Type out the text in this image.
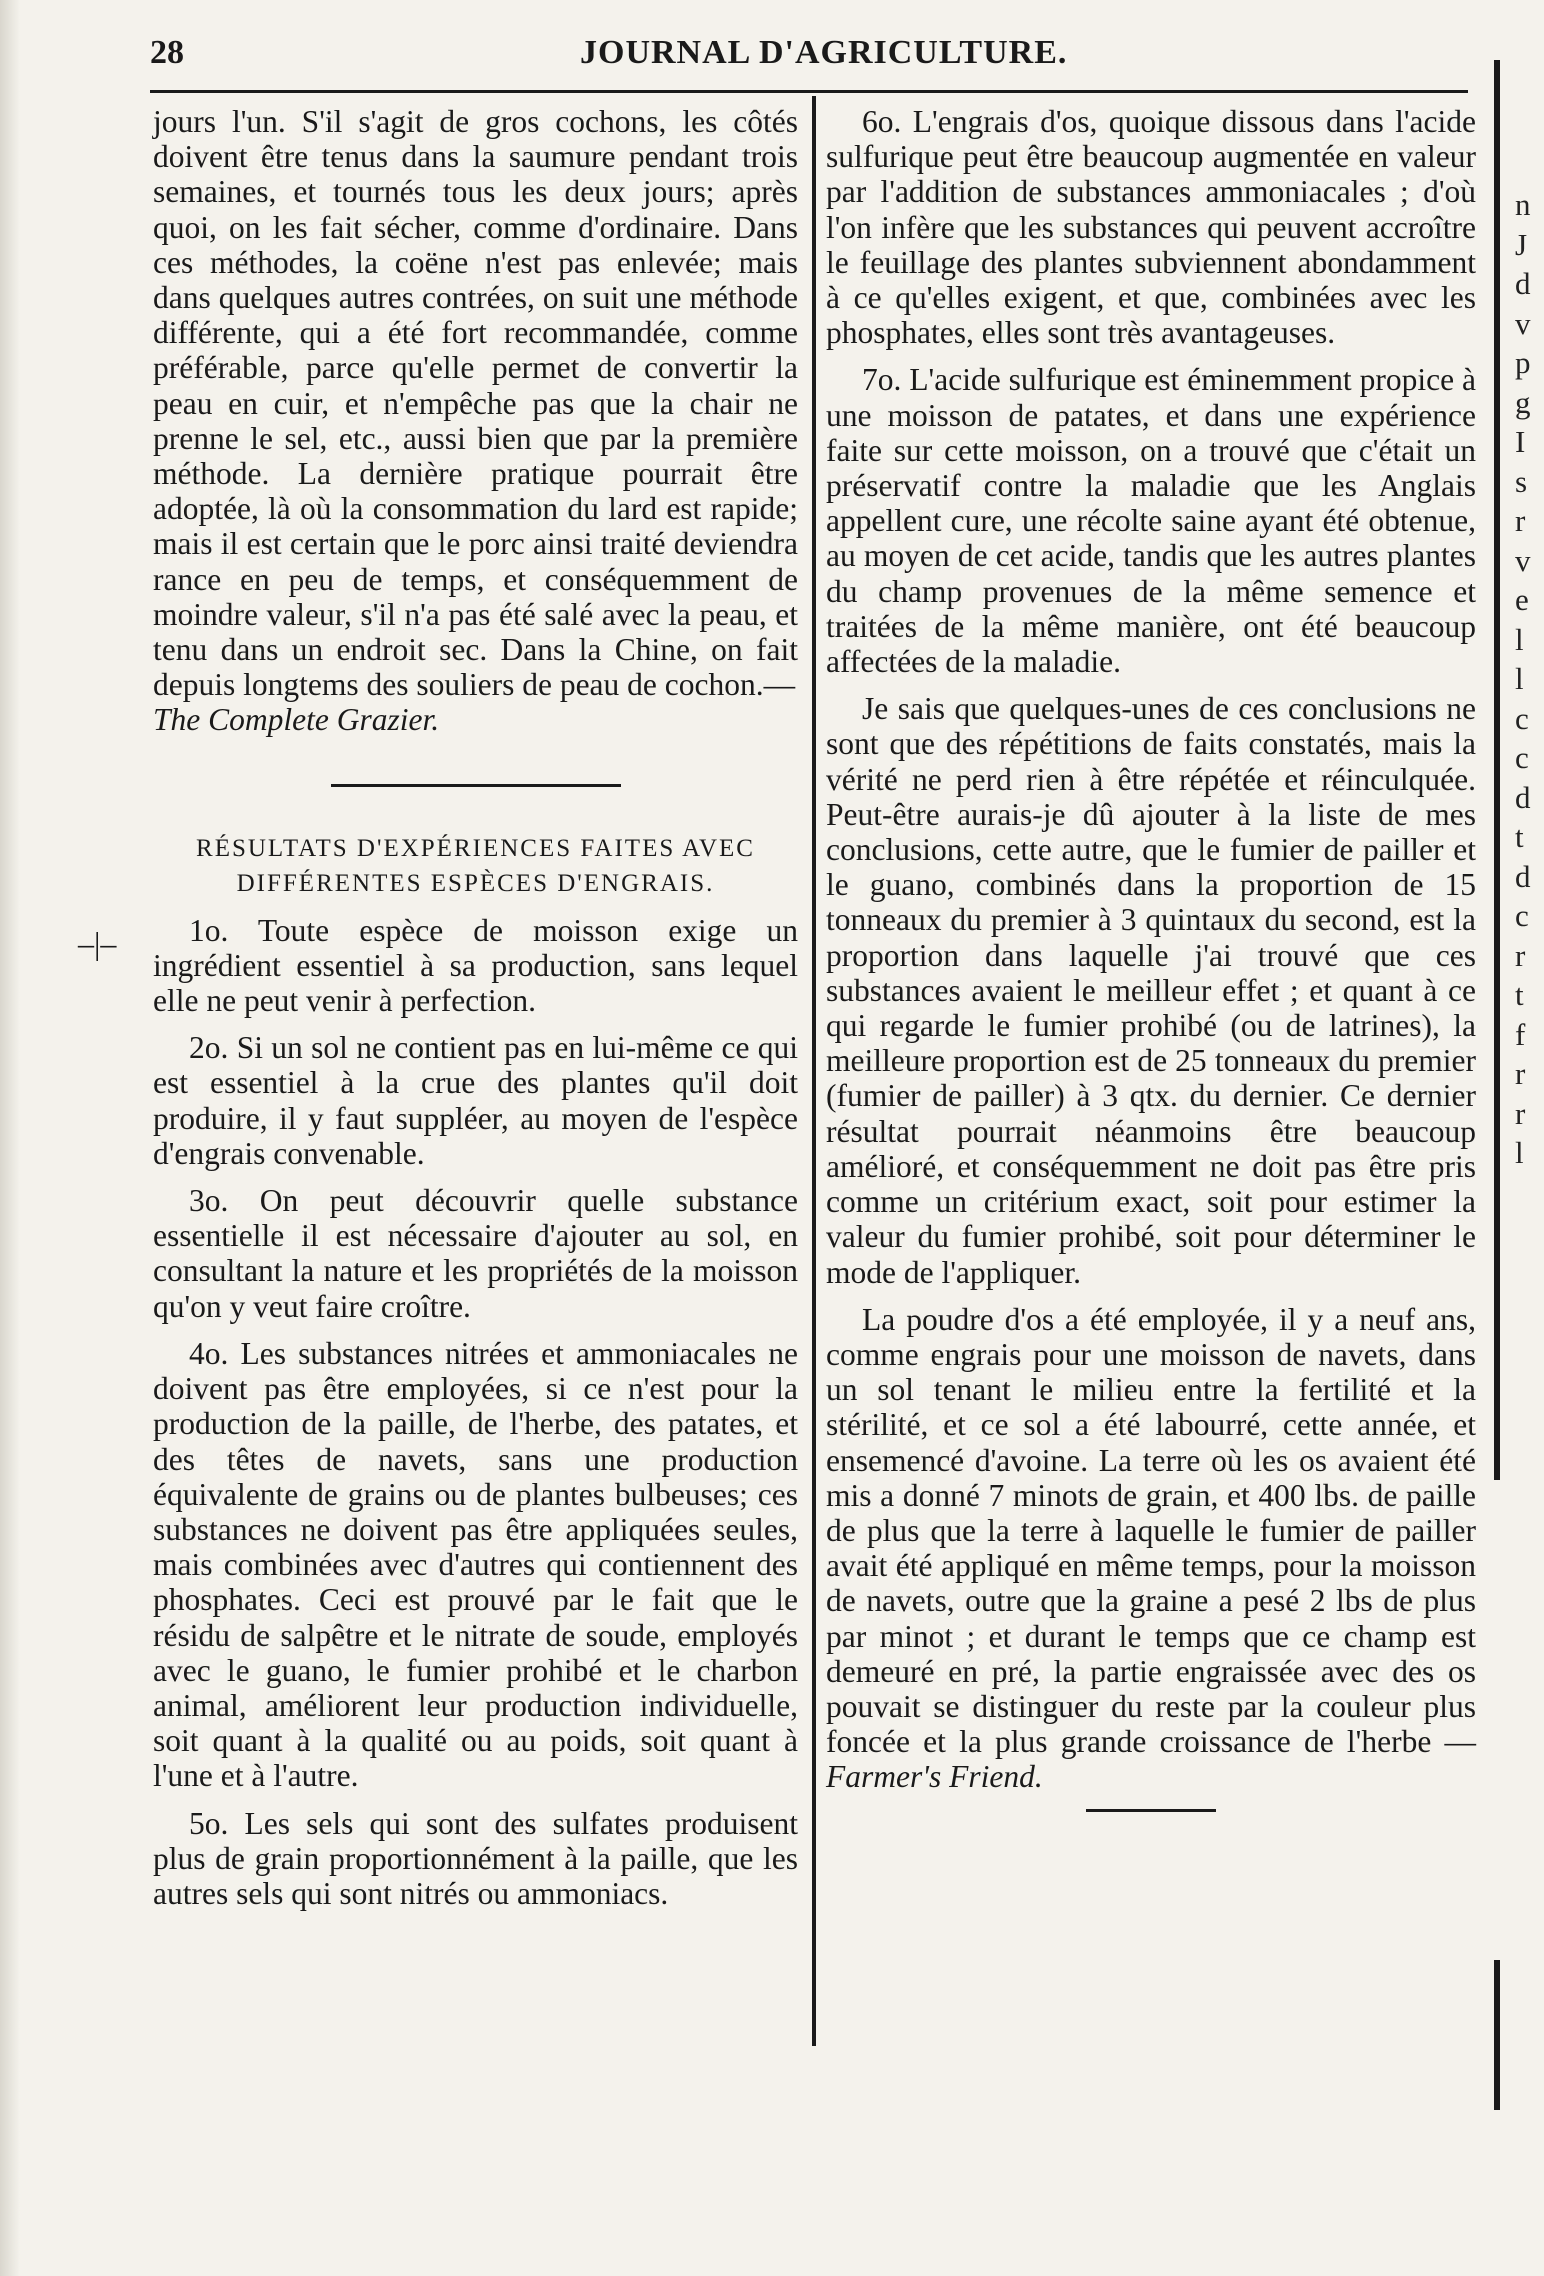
28	JOURNAL D'AGRICULTURE.
n
J
d
v
p
g
I
s
r
v
e
l
l
c
c
d
t
d
c
r
t
f
r
r
l
–|–

jours l'un. S'il s'agit de gros cochons, les côtés doivent être tenus dans la saumure pendant trois semaines, et tournés tous les deux jours; après quoi, on les fait sécher, comme d'ordinaire. Dans ces méthodes, la coëne n'est pas enlevée; mais dans quelques autres contrées, on suit une méthode différente, qui a été fort recommandée, comme préférable, parce qu'elle permet de convertir la peau en cuir, et n'empêche pas que la chair ne prenne le sel, etc., aussi bien que par la première méthode. La dernière pratique pourrait être adoptée, là où la consommation du lard est rapide; mais il est certain que le porc ainsi traité deviendra rance en peu de temps, et conséquemment de moindre valeur, s'il n'a pas été salé avec la peau, et tenu dans un endroit sec. Dans la Chine, on fait depuis longtems des souliers de peau de cochon.—
The Complete Grazier.

RÉSULTATS D'EXPÉRIENCES FAITES AVEC
DIFFÉRENTES ESPÈCES D'ENGRAIS.

1o. Toute espèce de moisson exige un ingrédient essentiel à sa production, sans lequel elle ne peut venir à perfection.

2o. Si un sol ne contient pas en lui-même ce qui est essentiel à la crue des plantes qu'il doit produire, il y faut suppléer, au moyen de l'espèce d'engrais convenable.

3o. On peut découvrir quelle substance essentielle il est nécessaire d'ajouter au sol, en consultant la nature et les propriétés de la moisson qu'on y veut faire croître.

4o. Les substances nitrées et ammoniacales ne doivent pas être employées, si ce n'est pour la production de la paille, de l'herbe, des patates, et des têtes de navets, sans une production équivalente de grains ou de plantes bulbeuses; ces substances ne doivent pas être appliquées seules, mais combinées avec d'autres qui contiennent des phosphates. Ceci est prouvé par le fait que le résidu de salpêtre et le nitrate de soude, employés avec le guano, le fumier prohibé et le charbon animal, améliorent leur production individuelle, soit quant à la qualité ou au poids, soit quant à l'une et à l'autre.

5o. Les sels qui sont des sulfates produisent plus de grain proportionnément à la paille, que les autres sels qui sont nitrés ou ammoniacs.

6o. L'engrais d'os, quoique dissous dans l'acide sulfurique peut être beaucoup augmentée en valeur par l'addition de substances ammoniacales ; d'où l'on infère que les substances qui peuvent accroître le feuillage des plantes subviennent abondamment à ce qu'elles exigent, et que, combinées avec les phosphates, elles sont très avantageuses.

7o. L'acide sulfurique est éminemment propice à une moisson de patates, et dans une expérience faite sur cette moisson, on a trouvé que c'était un préservatif contre la maladie que les Anglais appellent cure, une récolte saine ayant été obtenue, au moyen de cet acide, tandis que les autres plantes du champ provenues de la même semence et traitées de la même manière, ont été beaucoup affectées de la maladie.

Je sais que quelques-unes de ces conclusions ne sont que des répétitions de faits constatés, mais la vérité ne perd rien à être répétée et réinculquée. Peut-être aurais-je dû ajouter à la liste de mes conclusions, cette autre, que le fumier de pailler et le guano, combinés dans la proportion de 15 tonneaux du premier à 3 quintaux du second, est la proportion dans laquelle j'ai trouvé que ces substances avaient le meilleur effet ; et quant à ce qui regarde le fumier prohibé (ou de latrines), la meilleure proportion est de 25 tonneaux du premier (fumier de pailler) à 3 qtx. du dernier. Ce dernier résultat pourrait néanmoins être beaucoup amélioré, et conséquemment ne doit pas être pris comme un critérium exact, soit pour estimer la valeur du fumier prohibé, soit pour déterminer le mode de l'appliquer.

La poudre d'os a été employée, il y a neuf ans, comme engrais pour une moisson de navets, dans un sol tenant le milieu entre la fertilité et la stérilité, et ce sol a été labourré, cette année, et ensemencé d'avoine. La terre où les os avaient été mis a donné 7 minots de grain, et 400 lbs. de paille de plus que la terre à laquelle le fumier de pailler avait été appliqué en même temps, pour la moisson de navets, outre que la graine a pesé 2 lbs de plus par minot ; et durant le temps que ce champ est demeuré en pré, la partie engraissée avec des os pouvait se distinguer du reste par la couleur plus foncée et la plus grande croissance de l'herbe — Farmer's Friend.
